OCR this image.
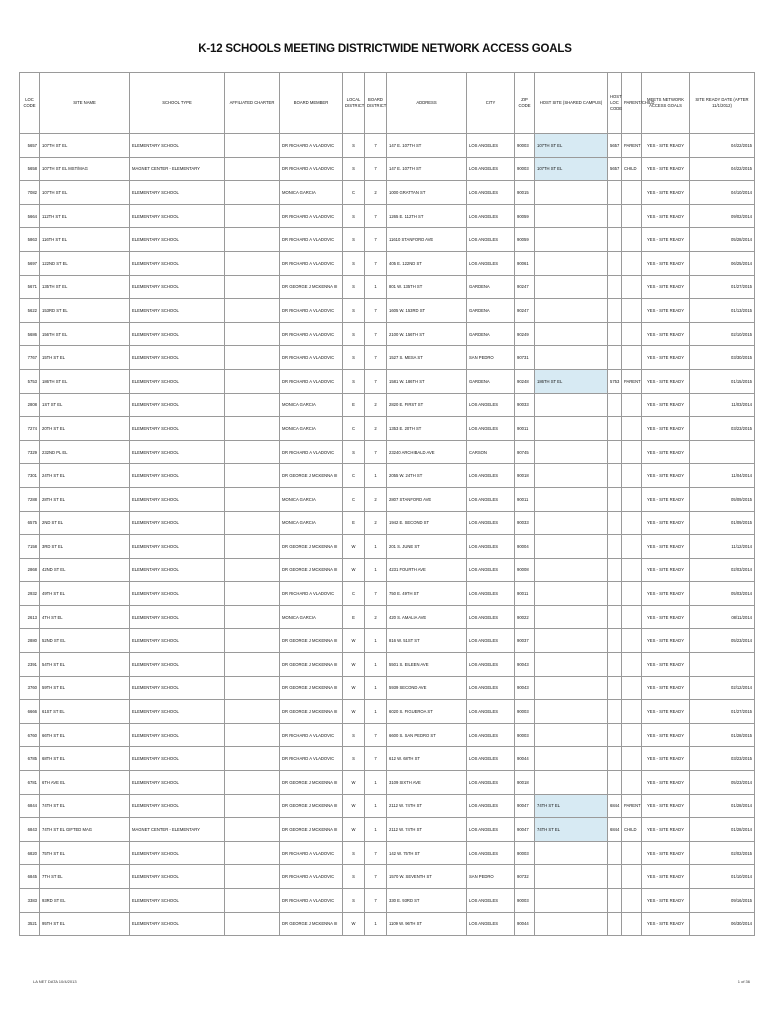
K-12 SCHOOLS MEETING DISTRICTWIDE NETWORK ACCESS GOALS
LOC CODE	SITE NAME	SCHOOL TYPE	AFFILIATED CHARTER	BOARD MEMBER	LOCAL DISTRICT	BOARD DISTRICT	ADDRESS	CITY	ZIP CODE	HOST SITE (SHARED CAMPUS)	HOST LOC CODE	PARENT/CHILD	MEETS NETWORK ACCESS GOALS	SITE READY DATE (AFTER 11/1/2012)
5657	107TH ST EL	ELEMENTARY SCHOOL		DR RICHARD A VLADOVIC	S	7	147 E. 107TH ST	LOS ANGELES	90003	107TH ST EL	5657	PARENT	YES - SITE READY	04/22/2015
5658	107TH ST EL MST/MAG	MAGNET CENTER - ELEMENTARY		DR RICHARD A VLADOVIC	S	7	147 E. 107TH ST	LOS ANGELES	90003	107TH ST EL	5657	CHILD	YES - SITE READY	04/22/2015
7082	107TH ST EL	ELEMENTARY SCHOOL		MONICA GARCIA	C	2	1000 GRATTAN ST	LOS ANGELES	90015				YES - SITE READY	04/10/2014
5664	112TH ST EL	ELEMENTARY SCHOOL		DR RICHARD A VLADOVIC	S	7	1265 E. 112TH ST	LOS ANGELES	90059				YES - SITE READY	09/02/2014
5863	116TH ST EL	ELEMENTARY SCHOOL		DR RICHARD A VLADOVIC	S	7	11610 STANFORD AVE	LOS ANGELES	90059				YES - SITE READY	05/28/2014
5697	122ND ST EL	ELEMENTARY SCHOOL		DR RICHARD A VLADOVIC	S	7	405 E. 122ND ST	LOS ANGELES	90061				YES - SITE READY	06/25/2014
5671	135TH ST EL	ELEMENTARY SCHOOL		DR GEORGE J MCKENNA III	S	1	801 W. 135TH ST	GARDENA	90247				YES - SITE READY	01/27/2015
5622	153RD ST EL	ELEMENTARY SCHOOL		DR RICHARD A VLADOVIC	S	7	1605 W. 153RD ST	GARDENA	90247				YES - SITE READY	01/13/2015
5686	156TH ST EL	ELEMENTARY SCHOOL		DR RICHARD A VLADOVIC	S	7	2100 W. 156TH ST	GARDENA	90249				YES - SITE READY	02/10/2015
7767	15TH ST EL	ELEMENTARY SCHOOL		DR RICHARD A VLADOVIC	S	7	1527 S. MESA ST	SAN PEDRO	90731				YES - SITE READY	03/30/2015
5753	186TH ST EL	ELEMENTARY SCHOOL		DR RICHARD A VLADOVIC	S	7	1581 W. 186TH ST	GARDENA	90248	186TH ST EL	5753	PARENT	YES - SITE READY	01/15/2015
2808	1ST ST EL	ELEMENTARY SCHOOL		MONICA GARCIA	E	2	2820 E. FIRST ST	LOS ANGELES	90033				YES - SITE READY	11/03/2014
7274	20TH ST EL	ELEMENTARY SCHOOL		MONICA GARCIA	C	2	1353 E. 20TH ST	LOS ANGELES	90011				YES - SITE READY	03/23/2015
7329	232ND PL EL	ELEMENTARY SCHOOL		DR RICHARD A VLADOVIC	S	7	23240 ARCHIBALD AVE	CARSON	90745				YES - SITE READY	
7301	24TH ST EL	ELEMENTARY SCHOOL		DR GEORGE J MCKENNA III	C	1	2055 W. 24TH ST	LOS ANGELES	90018				YES - SITE READY	11/04/2014
7288	28TH ST EL	ELEMENTARY SCHOOL		MONICA GARCIA	C	2	2807 STANFORD AVE	LOS ANGELES	90011				YES - SITE READY	05/09/2015
6575	2ND ST EL	ELEMENTARY SCHOOL		MONICA GARCIA	E	2	1942 E. SECOND ST	LOS ANGELES	90033				YES - SITE READY	01/09/2015
7158	3RD ST EL	ELEMENTARY SCHOOL		DR GEORGE J MCKENNA III	W	1	201 S. JUNE ST	LOS ANGELES	90004				YES - SITE READY	11/12/2014
2868	42ND ST EL	ELEMENTARY SCHOOL		DR GEORGE J MCKENNA III	W	1	4231 FOURTH AVE	LOS ANGELES	90008				YES - SITE READY	02/03/2014
2932	49TH ST EL	ELEMENTARY SCHOOL		DR RICHARD A VLADOVIC	C	7	750 E. 49TH ST	LOS ANGELES	90011				YES - SITE READY	05/03/2014
2613	4TH ST EL	ELEMENTARY SCHOOL		MONICA GARCIA	E	2	420 S. AMALIA AVE	LOS ANGELES	90022				YES - SITE READY	08/11/2014
2880	52ND ST EL	ELEMENTARY SCHOOL		DR GEORGE J MCKENNA III	W	1	816 W. 51ST ST	LOS ANGELES	90037				YES - SITE READY	05/23/2014
2391	54TH ST EL	ELEMENTARY SCHOOL		DR GEORGE J MCKENNA III	W	1	5501 S. EILEEN AVE	LOS ANGELES	90043				YES - SITE READY	
3760	59TH ST EL	ELEMENTARY SCHOOL		DR GEORGE J MCKENNA III	W	1	5939 SECOND AVE	LOS ANGELES	90043				YES - SITE READY	02/12/2014
6666	61ST ST EL	ELEMENTARY SCHOOL		DR GEORGE J MCKENNA III	W	1	6020 S. FIGUEROA ST	LOS ANGELES	90003				YES - SITE READY	01/27/2015
6760	66TH ST EL	ELEMENTARY SCHOOL		DR RICHARD A VLADOVIC	S	7	6600 S. SAN PEDRO ST	LOS ANGELES	90003				YES - SITE READY	01/28/2015
6785	68TH ST EL	ELEMENTARY SCHOOL		DR RICHARD A VLADOVIC	S	7	612 W. 68TH ST	LOS ANGELES	90044				YES - SITE READY	03/23/2015
6781	6TH AVE EL	ELEMENTARY SCHOOL		DR GEORGE J MCKENNA III	W	1	3109 SIXTH AVE	LOS ANGELES	90018				YES - SITE READY	05/23/2014
6844	74TH ST EL	ELEMENTARY SCHOOL		DR GEORGE J MCKENNA III	W	1	2112 W. 74TH ST	LOS ANGELES	90047	74TH ST EL	6844	PARENT	YES - SITE READY	01/28/2014
6843	74TH ST EL GIFTED MAG	MAGNET CENTER - ELEMENTARY		DR GEORGE J MCKENNA III	W	1	2112 W. 74TH ST	LOS ANGELES	90047	74TH ST EL	6844	CHILD	YES - SITE READY	01/28/2014
6820	75TH ST EL	ELEMENTARY SCHOOL		DR RICHARD A VLADOVIC	S	7	142 W. 75TH ST	LOS ANGELES	90003				YES - SITE READY	02/02/2015
6845	7TH ST EL	ELEMENTARY SCHOOL		DR RICHARD A VLADOVIC	S	7	1570 W. SEVENTH ST	SAN PEDRO	90732				YES - SITE READY	01/10/2014
3383	93RD ST EL	ELEMENTARY SCHOOL		DR RICHARD A VLADOVIC	S	7	330 E. 93RD ST	LOS ANGELES	90003				YES - SITE READY	09/16/2015
3521	95TH ST EL	ELEMENTARY SCHOOL		DR GEORGE J MCKENNA III	W	1	1109 W. 96TH ST	LOS ANGELES	90044				YES - SITE READY	06/30/2014
LA NET DATA 10/4/2013	1 of 36
